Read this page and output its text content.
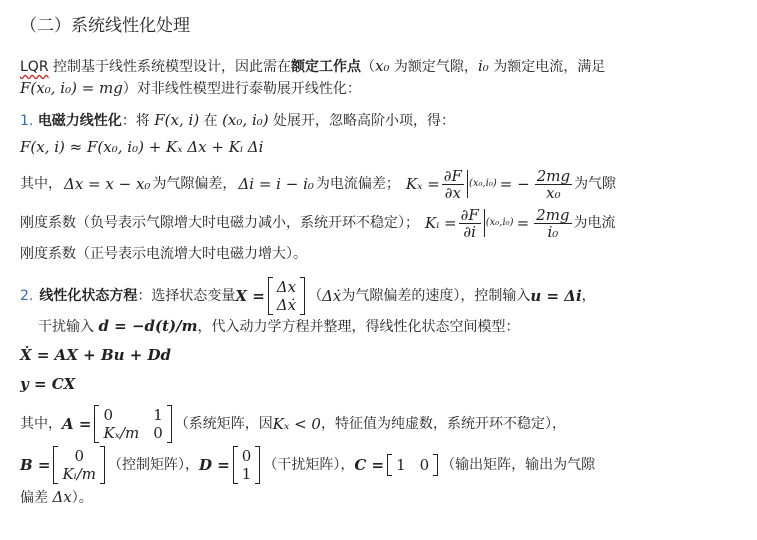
（二）系统线性化处理
LQR 控制基于线性系统模型设计，因此需在额定工作点（x₀ 为额定气隙，i₀ 为额定电流，满足
F(x₀, i₀) = mg）对非线性模型进行泰勒展开线性化：
1. 电磁力线性化：将 F(x, i) 在 (x₀, i₀) 处展开，忽略高阶小项，得：
F(x, i) ≈ F(x₀, i₀) + Kₓ Δx + Kᵢ Δi
其中， Δx = x − x₀ 为气隙偏差， Δi = i − i₀ 为电流偏差； $K_x = \frac{\partial F}{\partial x} (x_0,i_0)$ = − $\frac{2mg}{\text{x₀}}$ 为气隙
刚度系数（负号表示气隙增大时电磁力减小，系统开环不稳定）； Kᵢ = $\frac{\partial F}{\partial i} (x_0,i_0) = \frac{2mg}{\text{i₀}}$ 为电流
刚度系数（正号表示电流增大时电磁力增大）。
2. 线性化状态方程 ：选择状态变量 X = Δx
Δẋ （ Δẋ 为气隙偏差的速度），控制输入 u = Δi ，
干扰输入 d = −d(t)/m，代入动力学方程并整理，得线性化状态空间模型：
Ẋ = AX + Bu + Dd
y = CX
其中， A = 0	1
Kₓ/m 0 （系统矩阵，因 Kₓ < 0 ，特征值为纯虚数，系统开环不稳定），
B = 0
Kᵢ/m （控制矩阵）， D = 0
1 （干扰矩阵）， C = 1 0 （输出矩阵，输出为气隙
偏差 Δx）。
